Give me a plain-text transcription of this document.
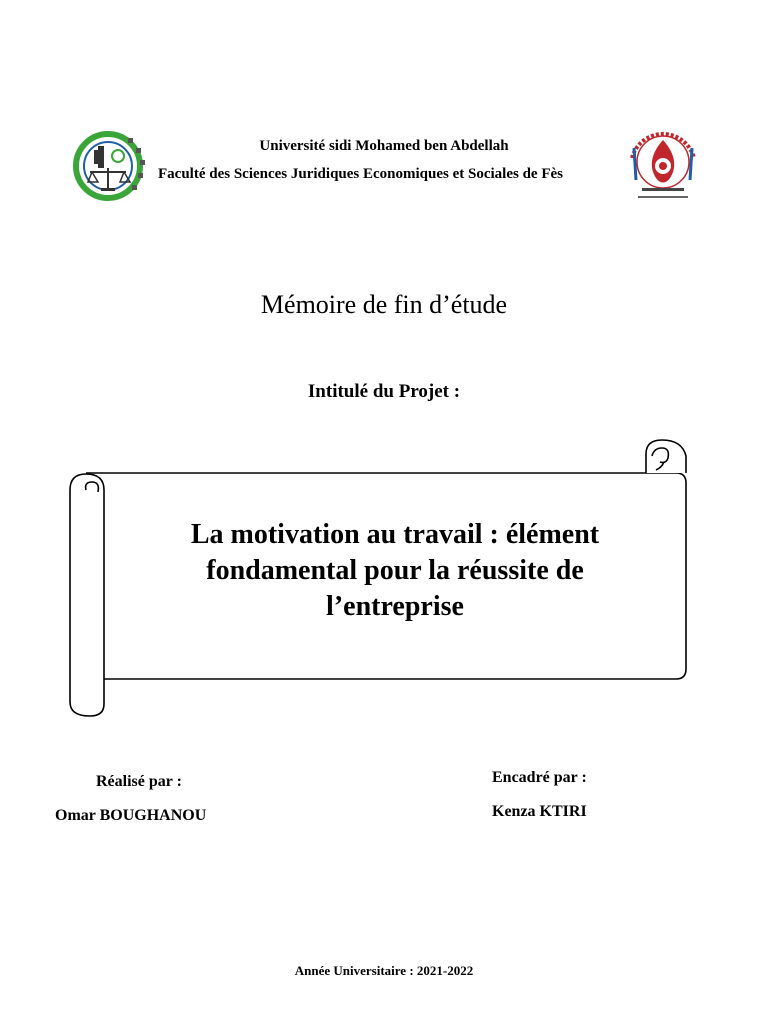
Université sidi Mohamed ben Abdellah
Faculté des Sciences Juridiques Economiques et Sociales de Fès
Mémoire de fin d’étude
Intitulé du Projet :
La motivation au travail : élément
fondamental pour la réussite de
l’entreprise
Réalisé par :
Omar BOUGHANOU
Encadré par :
Kenza KTIRI
Année Universitaire : 2021-2022
